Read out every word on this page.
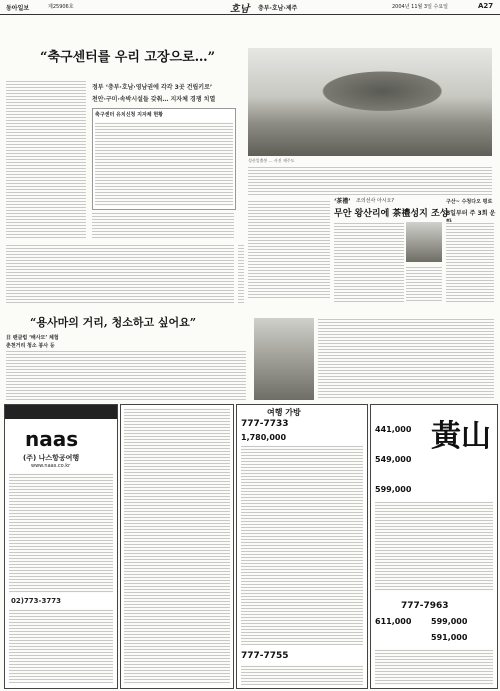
동아일보	제25906호	호남 충부·호남·제주	2004년 11월 3일 수요일	A27
“축구센터를 우리 고장으로…”
정부 ‘충부·호남·영남권에 각각 3곳 건립키로’
천안·구미·속박시설들 갖춰… 지자체 경쟁 치열
축구센터 유치신청 지자체 현황
성산일출봉 … 사진 제주도
‘茶禮’ 조의선사 아시오?
무안 왕산리에 茶禮성지 조성
구산~ 수청다오 평로
8일부터 주 3회 운
“용사마의 거리, 청소하고 싶어요”
日 팬클럽 ‘배사모’ 체험
춘천거리 청소 봉사 등
naas
(주) 나스항공여행
www.naas.co.kr
02)773-3773
여행 가방
777-7733
1,780,000
777-7755
黃山
441,000
549,000
599,000
777-7963
611,000
591,000
599,000
